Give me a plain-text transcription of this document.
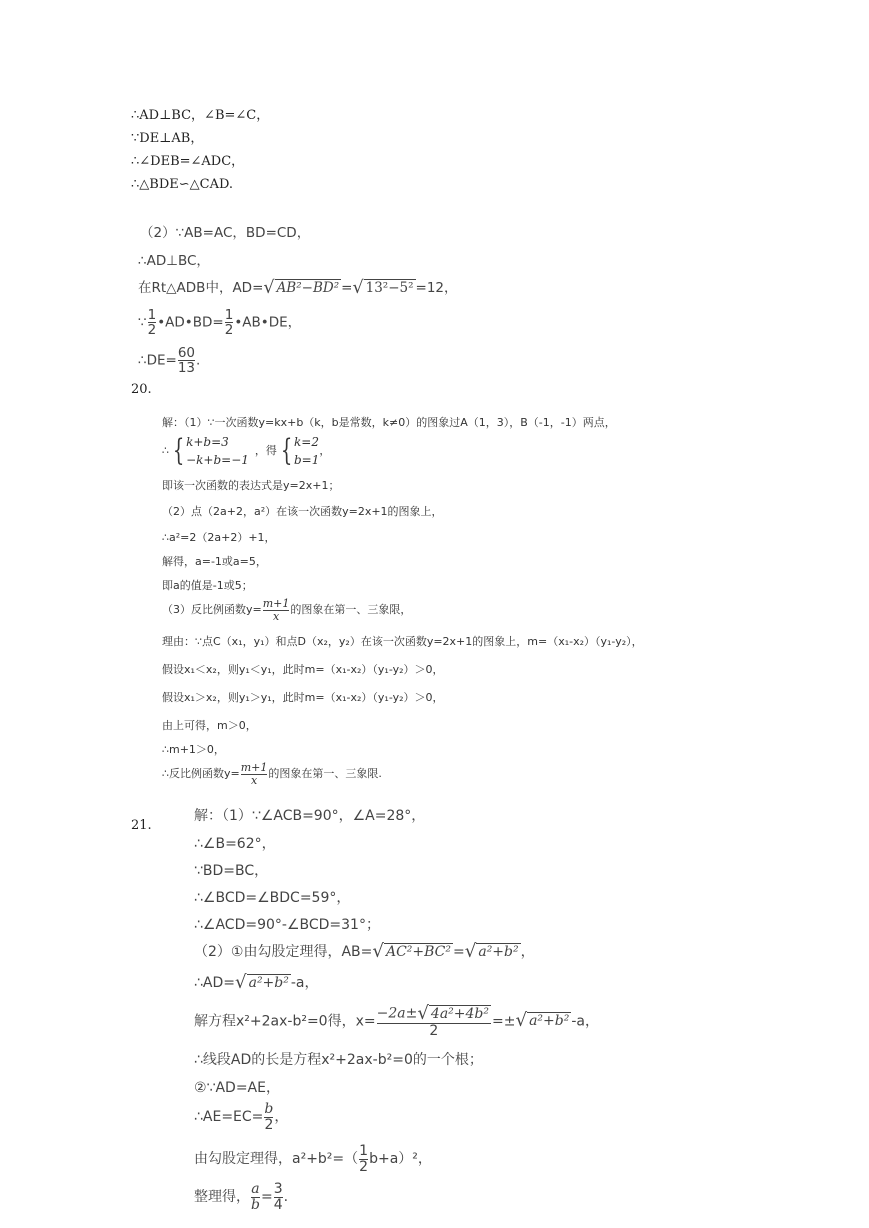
∴AD⊥BC，∠B=∠C，
∵DE⊥AB，
∴∠DEB=∠ADC，
∴△BDE∽△CAD.
（2）∵AB=AC，BD=CD，
∴AD⊥BC，
在Rt△ADB中，AD=√ AB²−BD² =√ 13²−5² =12，
∵ $\frac{1}{2}$ •AD•BD= $\frac{1}{2}$ •AB•DE，
∴DE= $\frac{60}{13}$ .
20.
解：（1）∵一次函数y=kx+b（k，b是常数，k≠0）的图象过A（1，3），B（-1，-1）两点，
∴ { k+b=3
−k+b=−1
，得 { k=2
b=1
，
即该一次函数的表达式是y=2x+1；
（2）点（2a+2，a²）在该一次函数y=2x+1的图象上，
∴a²=2（2a+2）+1，
解得，a=-1或a=5，
即a的值是-1或5；
（3）反比例函数$y= \frac{m+1}{x}$ 的图象在第一、三象限，
理由：∵点C（x₁，y₁）和点D（x₂，y₂）在该一次函数y=2x+1的图象上，m=（x₁-x₂）（y₁-y₂），
假设x₁＜x₂，则y₁＜y₁，此时m=（x₁-x₂）（y₁-y₂）＞0，
假设x₁＞x₂，则y₁＞y₁，此时m=（x₁-x₂）（y₁-y₂）＞0，
由上可得，m＞0，
∴m+1＞0，
∴反比例函数$y= \frac{m+1}{x}$ 的图象在第一、三象限.
21.
解：（1）∵∠ACB=90°，∠A=28°，
∴∠B=62°，
∵BD=BC，
∴∠BCD=∠BDC=59°，
∴∠ACD=90°-∠BCD=31°；
（2）①由勾股定理得，AB=√ AC²+BC² =√ a²+b² ，
∴AD=√ a²+b² -a，
解方程x²+2ax-b²=0得，$x= \frac{\text{−2a±√ 4a²+4b²}}{2}$ =±√ a²+b² -a，
∴线段AD的长是方程x²+2ax-b²=0的一个根；
②∵AD=AE，
∴AE=EC= $\frac{b}{2}$ ，
由勾股定理得，$a^2+b^2=( \frac{1}{2} b+a)^2$，
整理得， $\frac{a}{b} = \frac{3}{4}$ .
